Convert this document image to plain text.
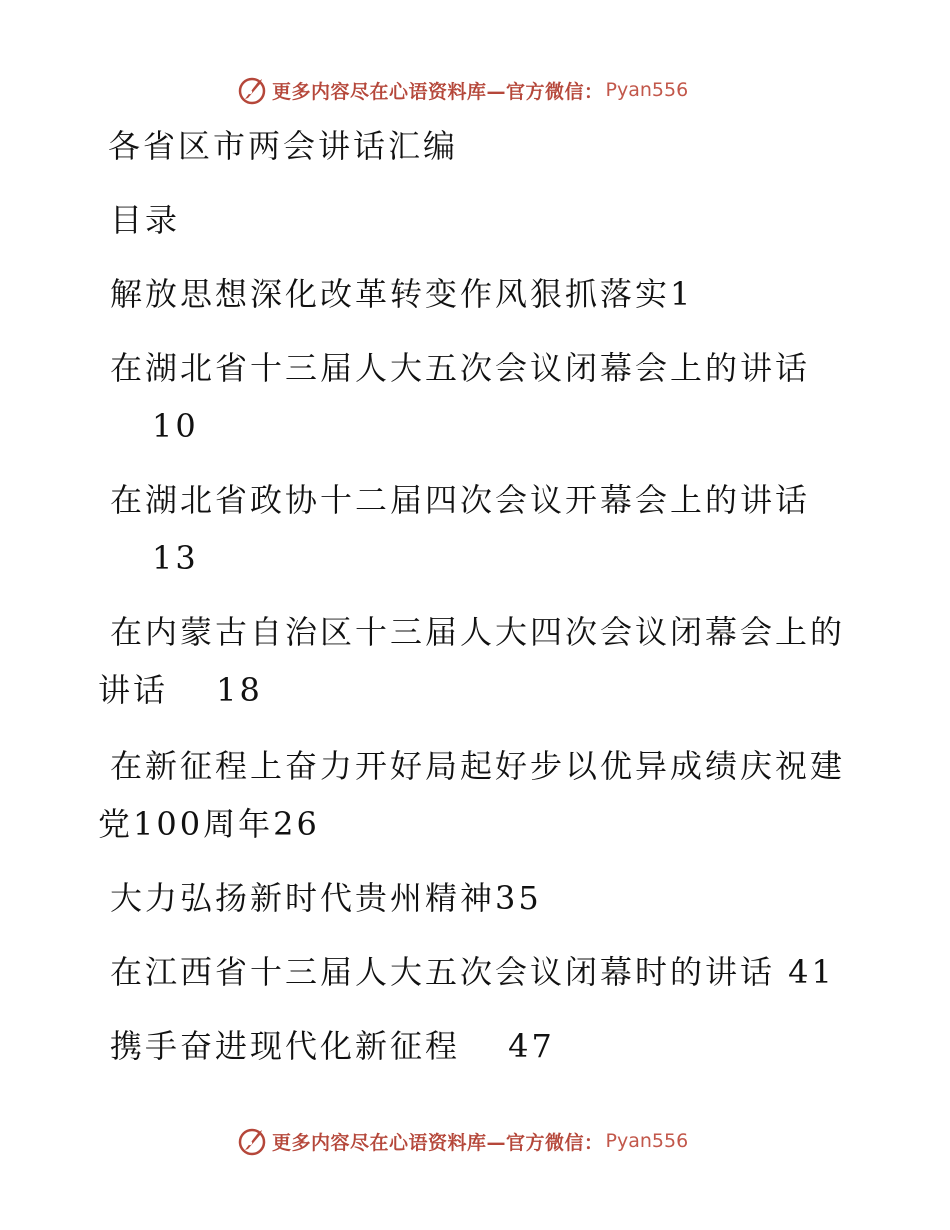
更多内容尽在心语资料库—官方微信： Pyan556
各省区市两会讲话汇编
目录
解放思想深化改革转变作风狠抓落实1
在湖北省十三届人大五次会议闭幕会上的讲话
10
在湖北省政协十二届四次会议开幕会上的讲话
13
在内蒙古自治区十三届人大四次会议闭幕会上的
讲话　 18
在新征程上奋力开好局起好步以优异成绩庆祝建
党100周年26
大力弘扬新时代贵州精神35
在江西省十三届人大五次会议闭幕时的讲话 41
携手奋进现代化新征程　 47
更多内容尽在心语资料库—官方微信： Pyan556
